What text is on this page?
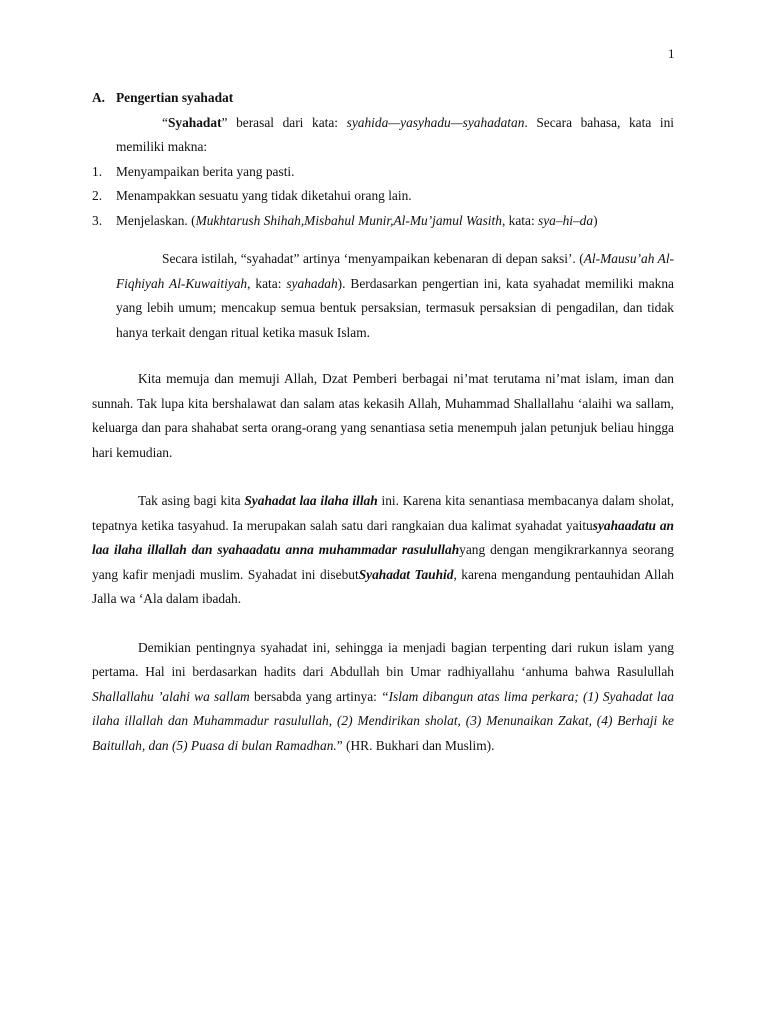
1
A. Pengertian syahadat

“Syahadat” berasal dari kata: syahida—yasyhadu—syahadatan. Secara bahasa, kata ini memiliki makna:

1.	Menyampaikan berita yang pasti.
2.	Menampakkan sesuatu yang tidak diketahui orang lain.
3.	Menjelaskan. (Mukhtarush Shihah,Misbahul Munir,Al-Mu’jamul Wasith, kata: sya–hi–da)

Secara istilah, “syahadat” artinya ‘menyampaikan kebenaran di depan saksi’. (Al-Mausu’ah Al-Fiqhiyah Al-Kuwaitiyah, kata: syahadah). Berdasarkan pengertian ini, kata syahadat memiliki makna yang lebih umum; mencakup semua bentuk persaksian, termasuk persaksian di pengadilan, dan tidak hanya terkait dengan ritual ketika masuk Islam.

Kita memuja dan memuji Allah, Dzat Pemberi berbagai ni’mat terutama ni’mat islam, iman dan sunnah. Tak lupa kita bershalawat dan salam atas kekasih Allah, Muhammad Shallallahu ‘alaihi wa sallam, keluarga dan para shahabat serta orang-orang yang senantiasa setia menempuh jalan petunjuk beliau hingga hari kemudian.

Tak asing bagi kita Syahadat laa ilaha illah ini. Karena kita senantiasa membacanya dalam sholat, tepatnya ketika tasyahud. Ia merupakan salah satu dari rangkaian dua kalimat syahadat yaitusyahaadatu an laa ilaha illallah dan syahaadatu anna muhammadar rasulullahyang dengan mengikrarkannya seorang yang kafir menjadi muslim. Syahadat ini disebutSyahadat Tauhid, karena mengandung pentauhidan Allah Jalla wa ‘Ala dalam ibadah.

Demikian pentingnya syahadat ini, sehingga ia menjadi bagian terpenting dari rukun islam yang pertama. Hal ini berdasarkan hadits dari Abdullah bin Umar radhiyallahu ‘anhuma bahwa Rasulullah Shallallahu ’alahi wa sallam bersabda yang artinya: “Islam dibangun atas lima perkara; (1) Syahadat laa ilaha illallah dan Muhammadur rasulullah, (2) Mendirikan sholat, (3) Menunaikan Zakat, (4) Berhaji ke Baitullah, dan (5) Puasa di bulan Ramadhan.” (HR. Bukhari dan Muslim).
